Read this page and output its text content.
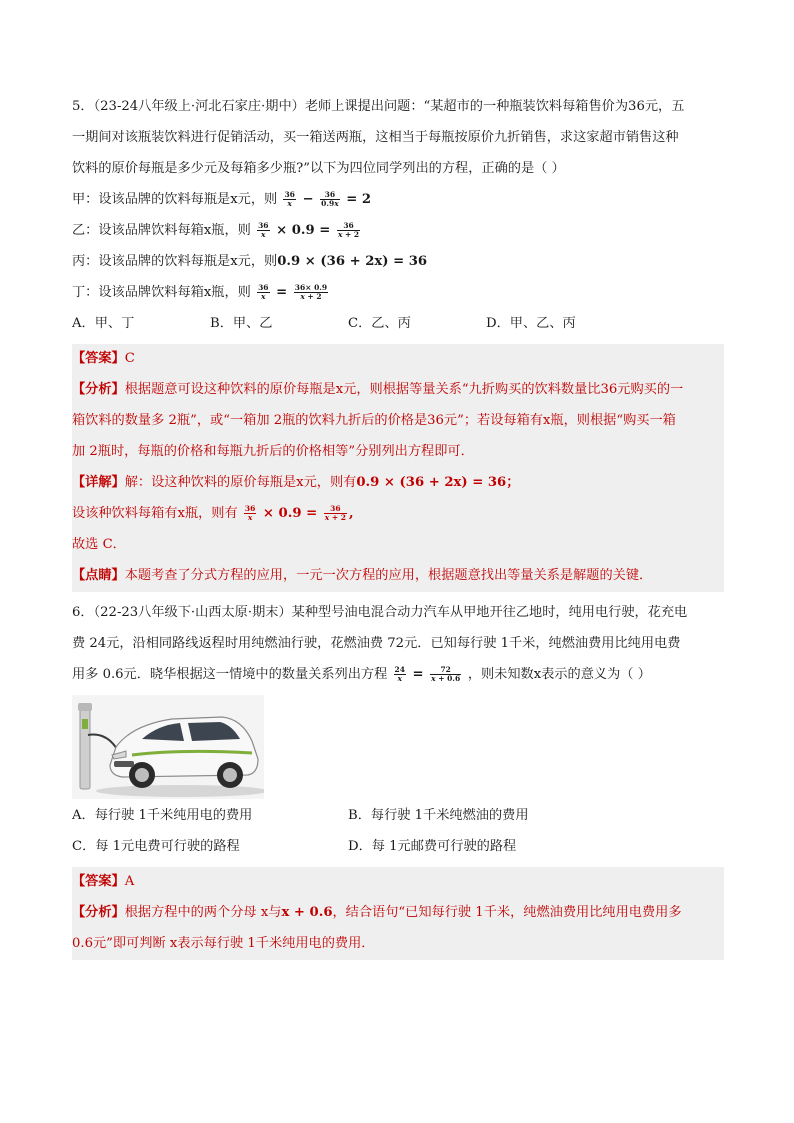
5．（23-24八年级上·河北石家庄·期中）老师上课提出问题：“某超市的一种瓶装饮料每箱售价为36元，五

一期间对该瓶装饮料进行促销活动，买一箱送两瓶，这相当于每瓶按原价九折销售，求这家超市销售这种

饮料的原价每瓶是多少元及每箱多少瓶?”以下为四位同学列出的方程，正确的是（ ）

甲：设该品牌的饮料每瓶是x元，则 $\frac{36}{x} - \frac{36}{0.9x} = 2$

乙：设该品牌饮料每箱x瓶，则 $\frac{36}{x} \times 0.9 = \frac{36}{x + 2}$

丙：设该品牌的饮料每瓶是x元，则0.9 × (36 + 2x) = 36

丁：设该品牌饮料每箱x瓶，则 $\frac{36}{x} = \frac{36\times 0.9}{x + 2}$

A．甲、丁	B．甲、乙	C．乙、丙	D．甲、乙、丙

【答案】C

【分析】根据题意可设这种饮料的原价每瓶是x元，则根据等量关系“九折购买的饮料数量比36元购买的一

箱饮料的数量多 2瓶”，或“一箱加 2瓶的饮料九折后的价格是36元”；若设每箱有x瓶，则根据“购买一箱

加 2瓶时，每瓶的价格和每瓶九折后的价格相等”分别列出方程即可．

【详解】解：设这种饮料的原价每瓶是x元，则有0.9 × (36 + 2x) = 36；

设该种饮料每箱有x瓶，则有 $\frac{36}{x} \times 0.9 = \frac{36}{x + 2}$ ,

故选 C．

【点睛】本题考查了分式方程的应用，一元一次方程的应用，根据题意找出等量关系是解题的关键．

6．（22-23八年级下·山西太原·期末）某种型号油电混合动力汽车从甲地开往乙地时，纯用电行驶，花充电

费 24元，沿相同路线返程时用纯燃油行驶，花燃油费 72元．已知每行驶 1千米，纯燃油费用比纯用电费

用多 0.6元．晓华根据这一情境中的数量关系列出方程 $\frac{24}{x} = \frac{72}{x + 0.6}$ ，则未知数x表示的意义为（ ）

A．每行驶 1千米纯用电的费用	B．每行驶 1千米纯燃油的费用
C．每 1元电费可行驶的路程	D．每 1元邮费可行驶的路程

【答案】A

【分析】根据方程中的两个分母 x与x + 0.6，结合语句“已知每行驶 1千米，纯燃油费用比纯用电费用多

0.6元”即可判断 x表示每行驶 1千米纯用电的费用．
